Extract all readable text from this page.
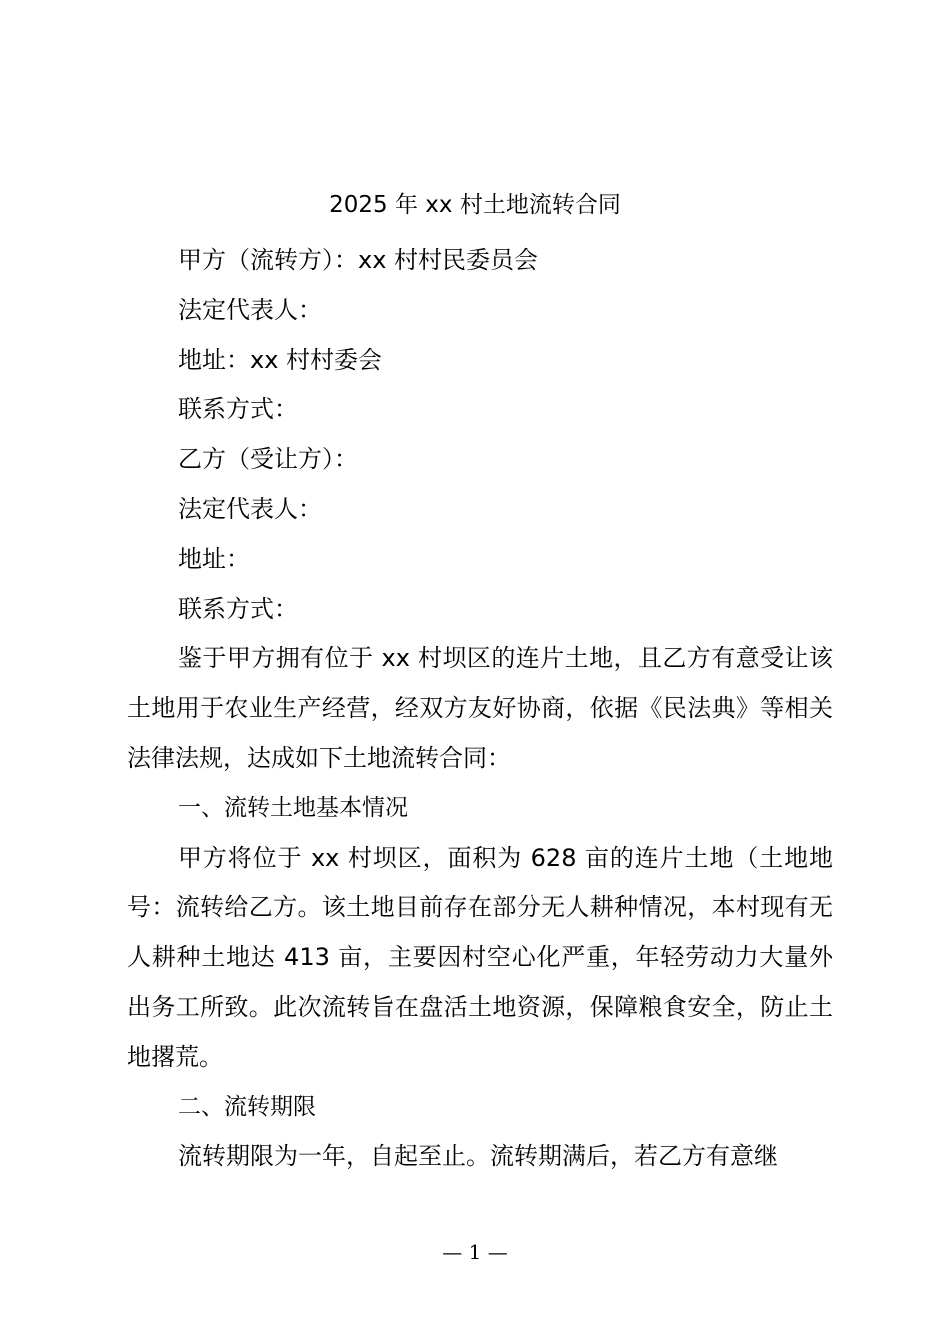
2025 年 xx 村土地流转合同
甲方（流转方）：xx 村村民委员会
法定代表人：
地址：xx 村村委会
联系方式：
乙方（受让方）：
法定代表人：
地址：
联系方式：

鉴于甲方拥有位于 xx 村坝区的连片土地，且乙方有意受让该土地用于农业生产经营，经双方友好协商，依据《民法典》等相关法律法规，达成如下土地流转合同：

一、流转土地基本情况

甲方将位于 xx 村坝区，面积为 628 亩的连片土地（土地地号：流转给乙方。该土地目前存在部分无人耕种情况，本村现有无人耕种土地达 413 亩，主要因村空心化严重，年轻劳动力大量外出务工所致。此次流转旨在盘活土地资源，保障粮食安全，防止土地撂荒。

二、流转期限

流转期限为一年，自起至止。流转期满后，若乙方有意继

— 1 —
